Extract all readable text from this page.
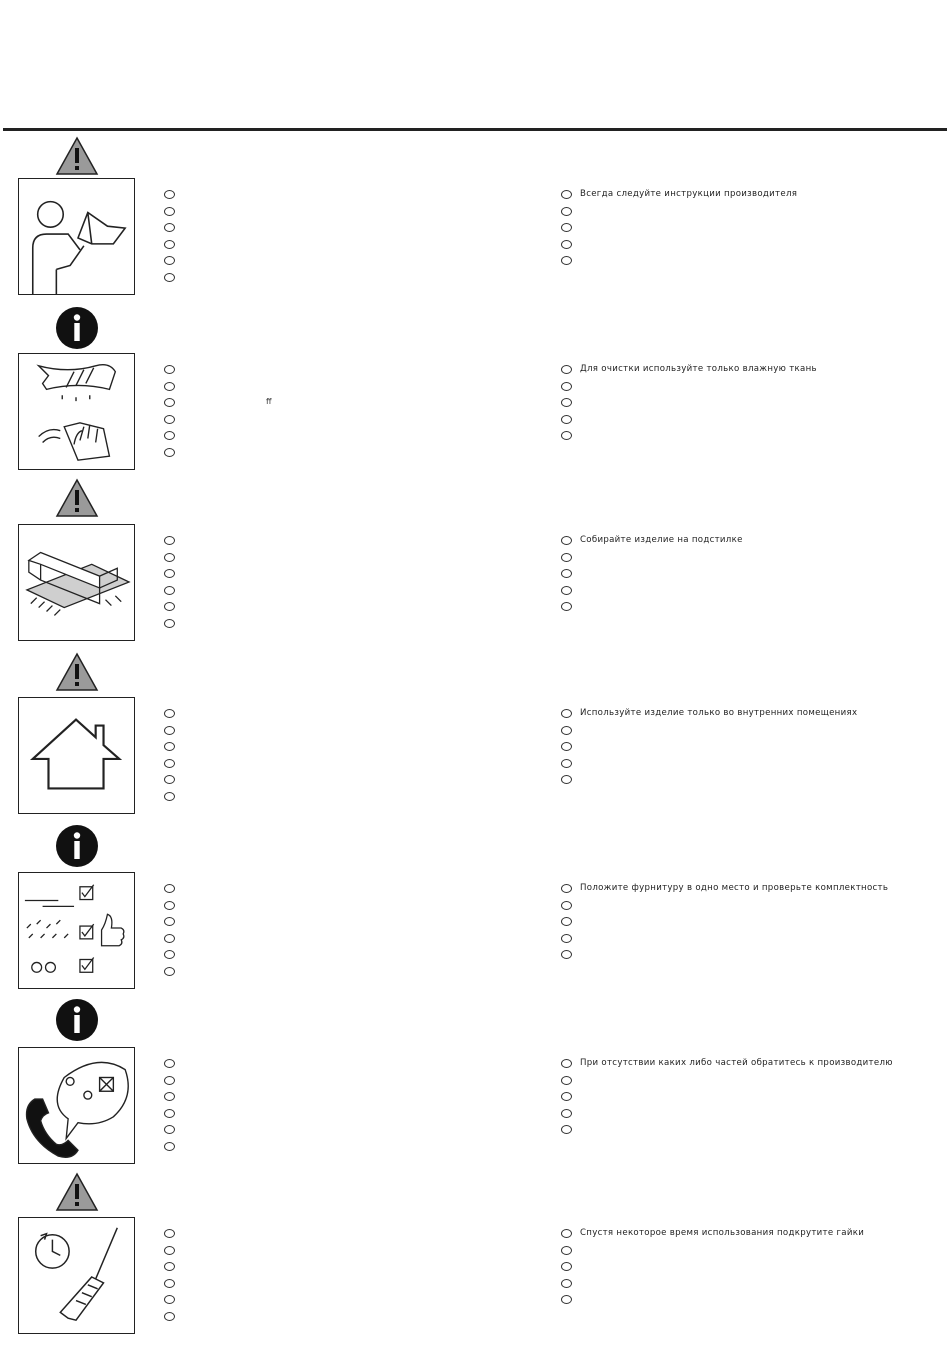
Всегда следуйте инструкции производителя
Для очистки используйте только влажную ткань
ff
Собирайте изделие на подстилке
Используйте изделие только во внутренних помещениях
Положите фурнитуру в одно место и проверьте комплектность
При отсутствии каких либо частей обратитесь к производителю
Спустя некоторое время использования подкрутите гайки
